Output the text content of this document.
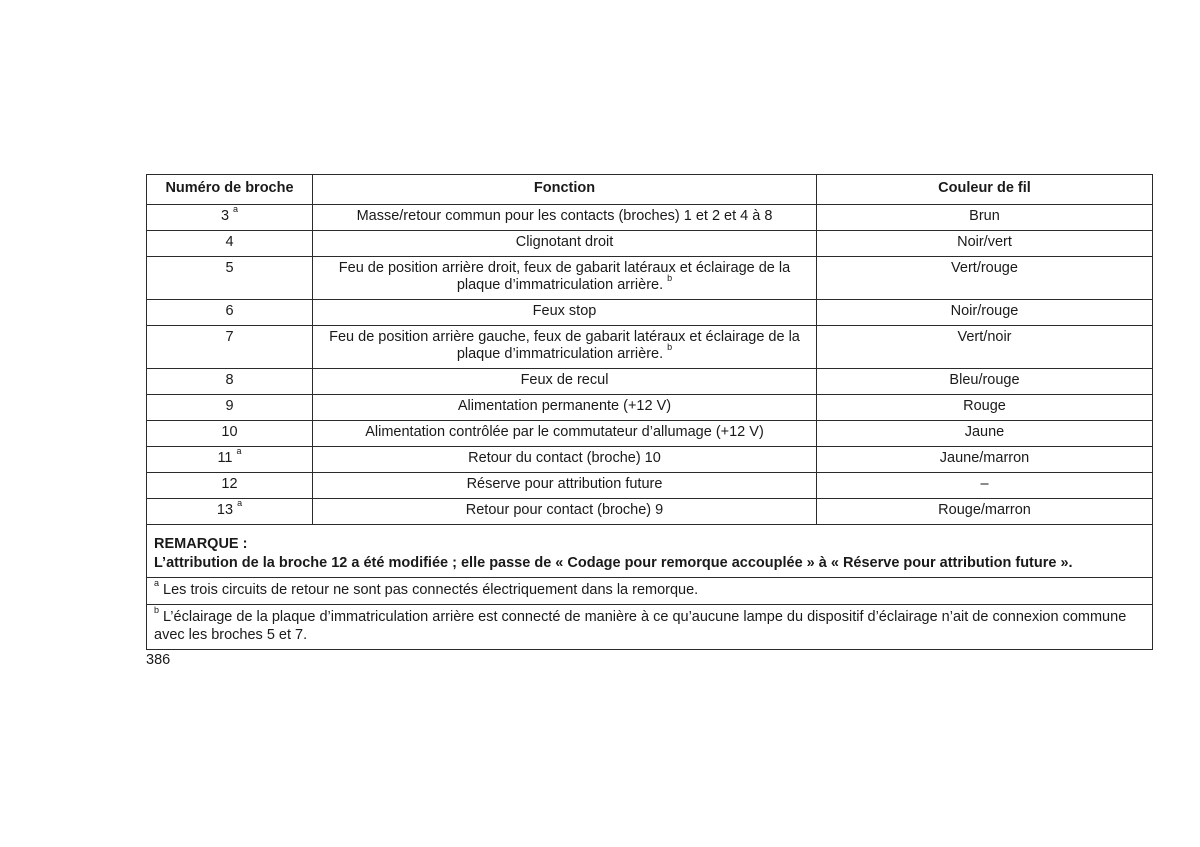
Numéro de broche	Fonction	Couleur de fil
3 $^a$	Masse/retour commun pour les contacts (broches) 1 et 2 et 4 à 8	Brun
4	Clignotant droit	Noir/vert
5	Feu de position arrière droit, feux de gabarit latéraux et éclairage de la plaque d’immatriculation arrière. $^b$	Vert/rouge
6	Feux stop	Noir/rouge
7	Feu de position arrière gauche, feux de gabarit latéraux et éclairage de la plaque d’immatriculation arrière. $^b$	Vert/noir
8	Feux de recul	Bleu/rouge
9	Alimentation permanente (+12 V)	Rouge
10	Alimentation contrôlée par le commutateur d’allumage (+12 V)	Jaune
11 $^a$	Retour du contact (broche) 10	Jaune/marron
12	Réserve pour attribution future	–
13 $^a$	Retour pour contact (broche) 9	Rouge/marron

REMARQUE :
L’attribution de la broche 12 a été modifiée ; elle passe de « Codage pour remorque accouplée » à « Réserve pour attribution future ».		

$^a$ Les trois circuits de retour ne sont pas connectés électriquement dans la remorque.		
$^b$ L’éclairage de la plaque d’immatriculation arrière est connecté de manière à ce qu’aucune lampe du dispositif d’éclairage n’ait de connexion commune avec les broches 5 et 7.		
386
